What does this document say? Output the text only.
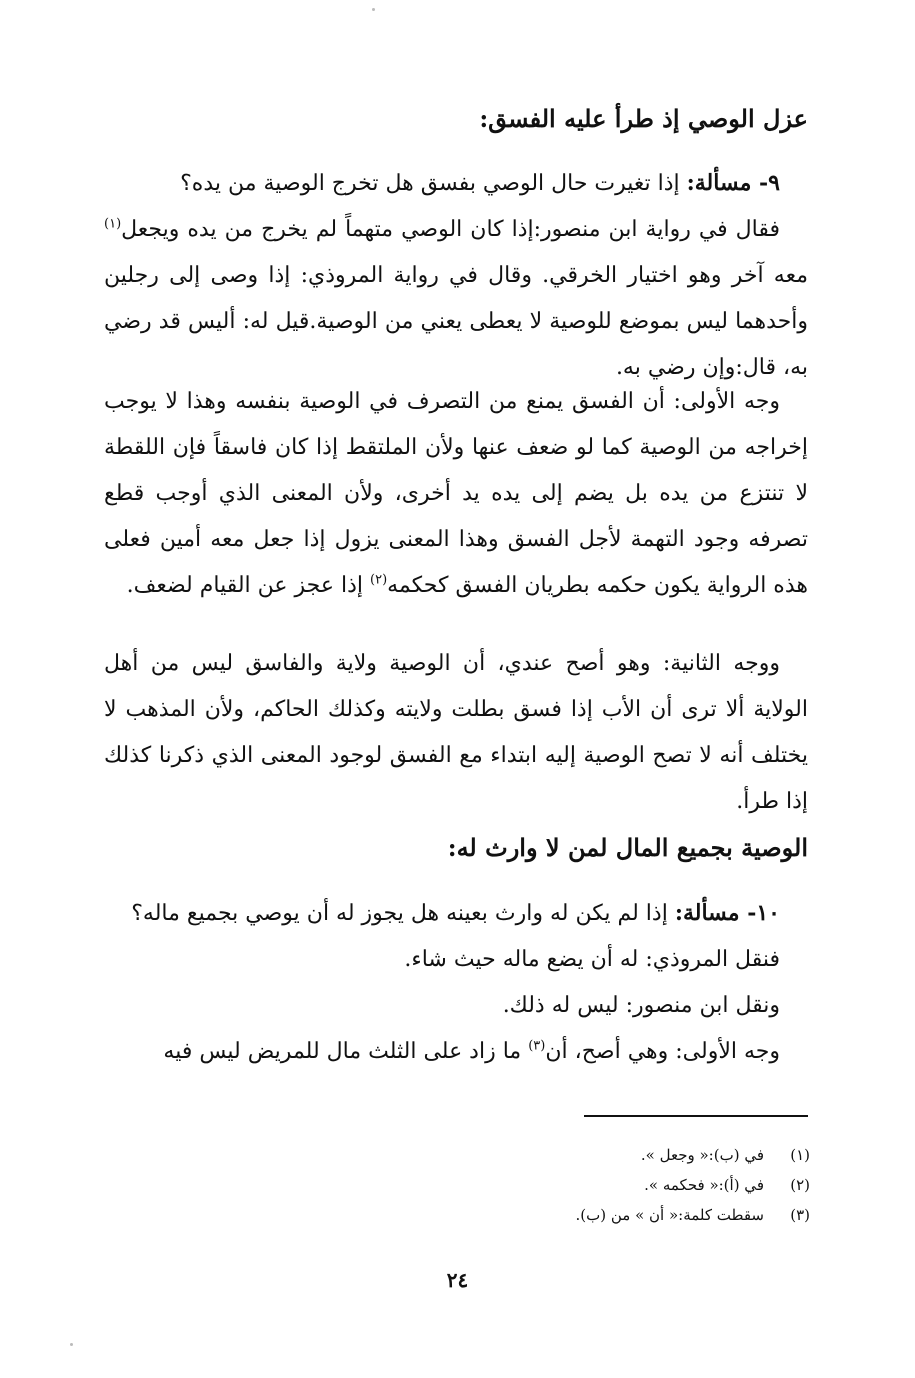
عزل الوصي إذ طرأ عليه الفسق:

٩- مسألة: إذا تغيرت حال الوصي بفسق هل تخرج الوصية من يده؟

فقال في رواية ابن منصور:إذا كان الوصي متهماً لم يخرج من يده ويجعل$^{(١)}$ معه آخر وهو اختيار الخرقي. وقال في رواية المروذي: إذا وصى إلى رجلين وأحدهما ليس بموضع للوصية لا يعطى يعني من الوصية.قيل له: أليس قد رضي به، قال:وإن رضي به.

وجه الأولى: أن الفسق يمنع من التصرف في الوصية بنفسه وهذا لا يوجب إخراجه من الوصية كما لو ضعف عنها ولأن الملتقط إذا كان فاسقاً فإن اللقطة لا تنتزع من يده بل يضم إلى يده يد أخرى، ولأن المعنى الذي أوجب قطع تصرفه وجود التهمة لأجل الفسق وهذا المعنى يزول إذا جعل معه أمين فعلى هذه الرواية يكون حكمه بطريان الفسق كحكمه$^{(٢)}$ إذا عجز عن القيام لضعف.

ووجه الثانية: وهو أصح عندي، أن الوصية ولاية والفاسق ليس من أهل الولاية ألا ترى أن الأب إذا فسق بطلت ولايته وكذلك الحاكم، ولأن المذهب لا يختلف أنه لا تصح الوصية إليه ابتداء مع الفسق لوجود المعنى الذي ذكرنا كذلك إذا طرأ.

الوصية بجميع المال لمن لا وارث له:

١٠- مسألة: إذا لم يكن له وارث بعينه هل يجوز له أن يوصي بجميع ماله؟

فنقل المروذي: له أن يضع ماله حيث شاء.
ونقل ابن منصور: ليس له ذلك.

وجه الأولى: وهي أصح، أن$^{(٣)}$ ما زاد على الثلث مال للمريض ليس فيه

(١)في (ب):« وجعل ».
(٢)في (أ):« فحكمه ».
(٣)سقطت كلمة:« أن » من (ب).
٢٤
